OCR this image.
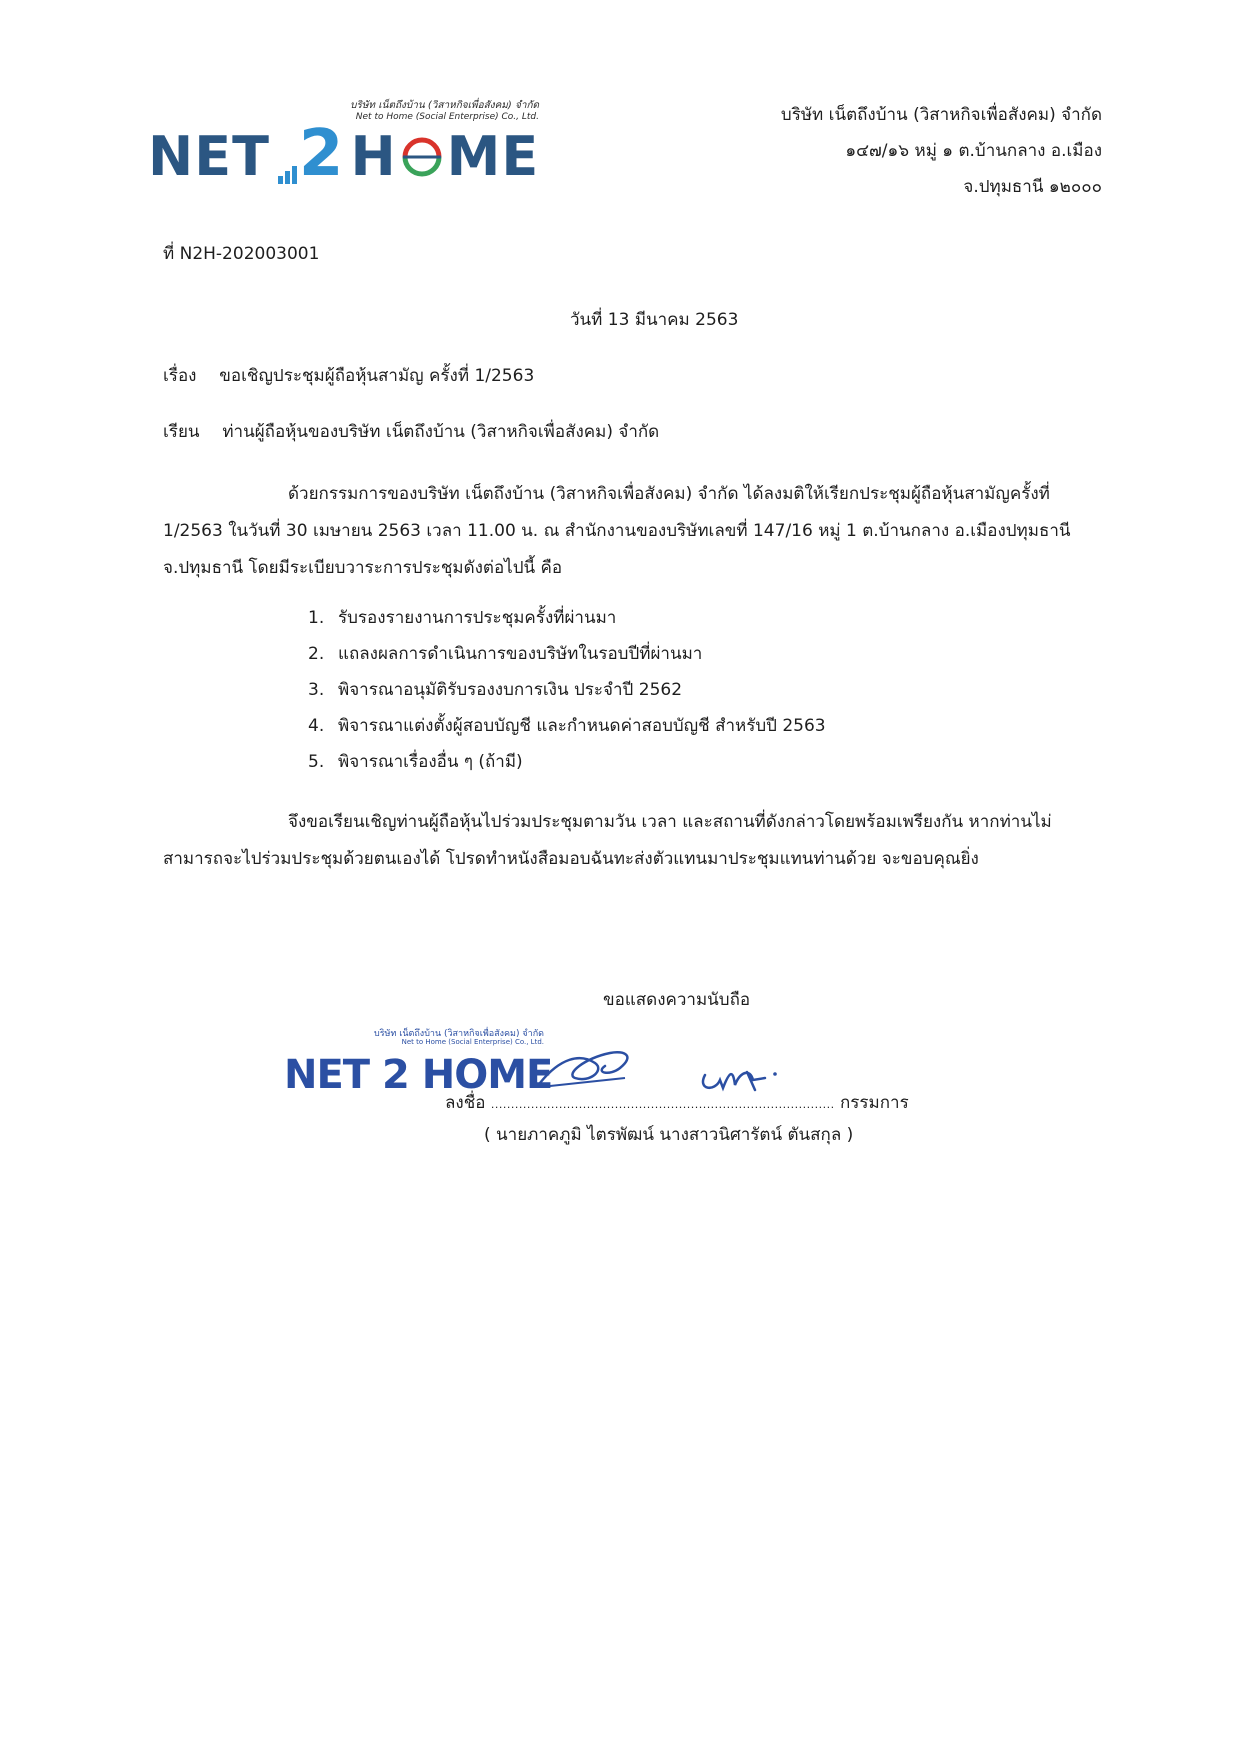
บริษัท เน็ตถึงบ้าน (วิสาหกิจเพื่อสังคม) จำกัด
Net to Home (Social Enterprise) Co., Ltd.
NET 2 H ME
บริษัท เน็ตถึงบ้าน (วิสาหกิจเพื่อสังคม) จำกัด
๑๔๗/๑๖ หมู่ ๑ ต.บ้านกลาง อ.เมือง
จ.ปทุมธานี ๑๒๐๐๐
ที่ N2H-202003001
วันที่ 13 มีนาคม 2563
เรื่อง ขอเชิญประชุมผู้ถือหุ้นสามัญ ครั้งที่ 1/2563
เรียน ท่านผู้ถือหุ้นของบริษัท เน็ตถึงบ้าน (วิสาหกิจเพื่อสังคม) จำกัด
ด้วยกรรมการของบริษัท เน็ตถึงบ้าน (วิสาหกิจเพื่อสังคม) จำกัด ได้ลงมติให้เรียกประชุมผู้ถือหุ้นสามัญครั้งที่
1/2563 ในวันที่ 30 เมษายน 2563 เวลา 11.00 น. ณ สำนักงานของบริษัทเลขที่ 147/16 หมู่ 1 ต.บ้านกลาง อ.เมืองปทุมธานี
จ.ปทุมธานี โดยมีระเบียบวาระการประชุมดังต่อไปนี้ คือ
1. รับรองรายงานการประชุมครั้งที่ผ่านมา
2. แถลงผลการดำเนินการของบริษัทในรอบปีที่ผ่านมา
3. พิจารณาอนุมัติรับรองงบการเงิน ประจำปี 2562
4. พิจารณาแต่งตั้งผู้สอบบัญชี และกำหนดค่าสอบบัญชี สำหรับปี 2563
5. พิจารณาเรื่องอื่น ๆ (ถ้ามี)
จึงขอเรียนเชิญท่านผู้ถือหุ้นไปร่วมประชุมตามวัน เวลา และสถานที่ดังกล่าวโดยพร้อมเพรียงกัน หากท่านไม่
สามารถจะไปร่วมประชุมด้วยตนเองได้ โปรดทำหนังสือมอบฉันทะส่งตัวแทนมาประชุมแทนท่านด้วย จะขอบคุณยิ่ง
ขอแสดงความนับถือ
บริษัท เน็ตถึงบ้าน (วิสาหกิจเพื่อสังคม) จำกัด
Net to Home (Social Enterprise) Co., Ltd.
NET 2 HOME
ลงชื่อ ...................................................................................... กรรมการ
( นายภาคภูมิ ไตรพัฒน์ นางสาวนิศารัตน์ ตันสกุล )
